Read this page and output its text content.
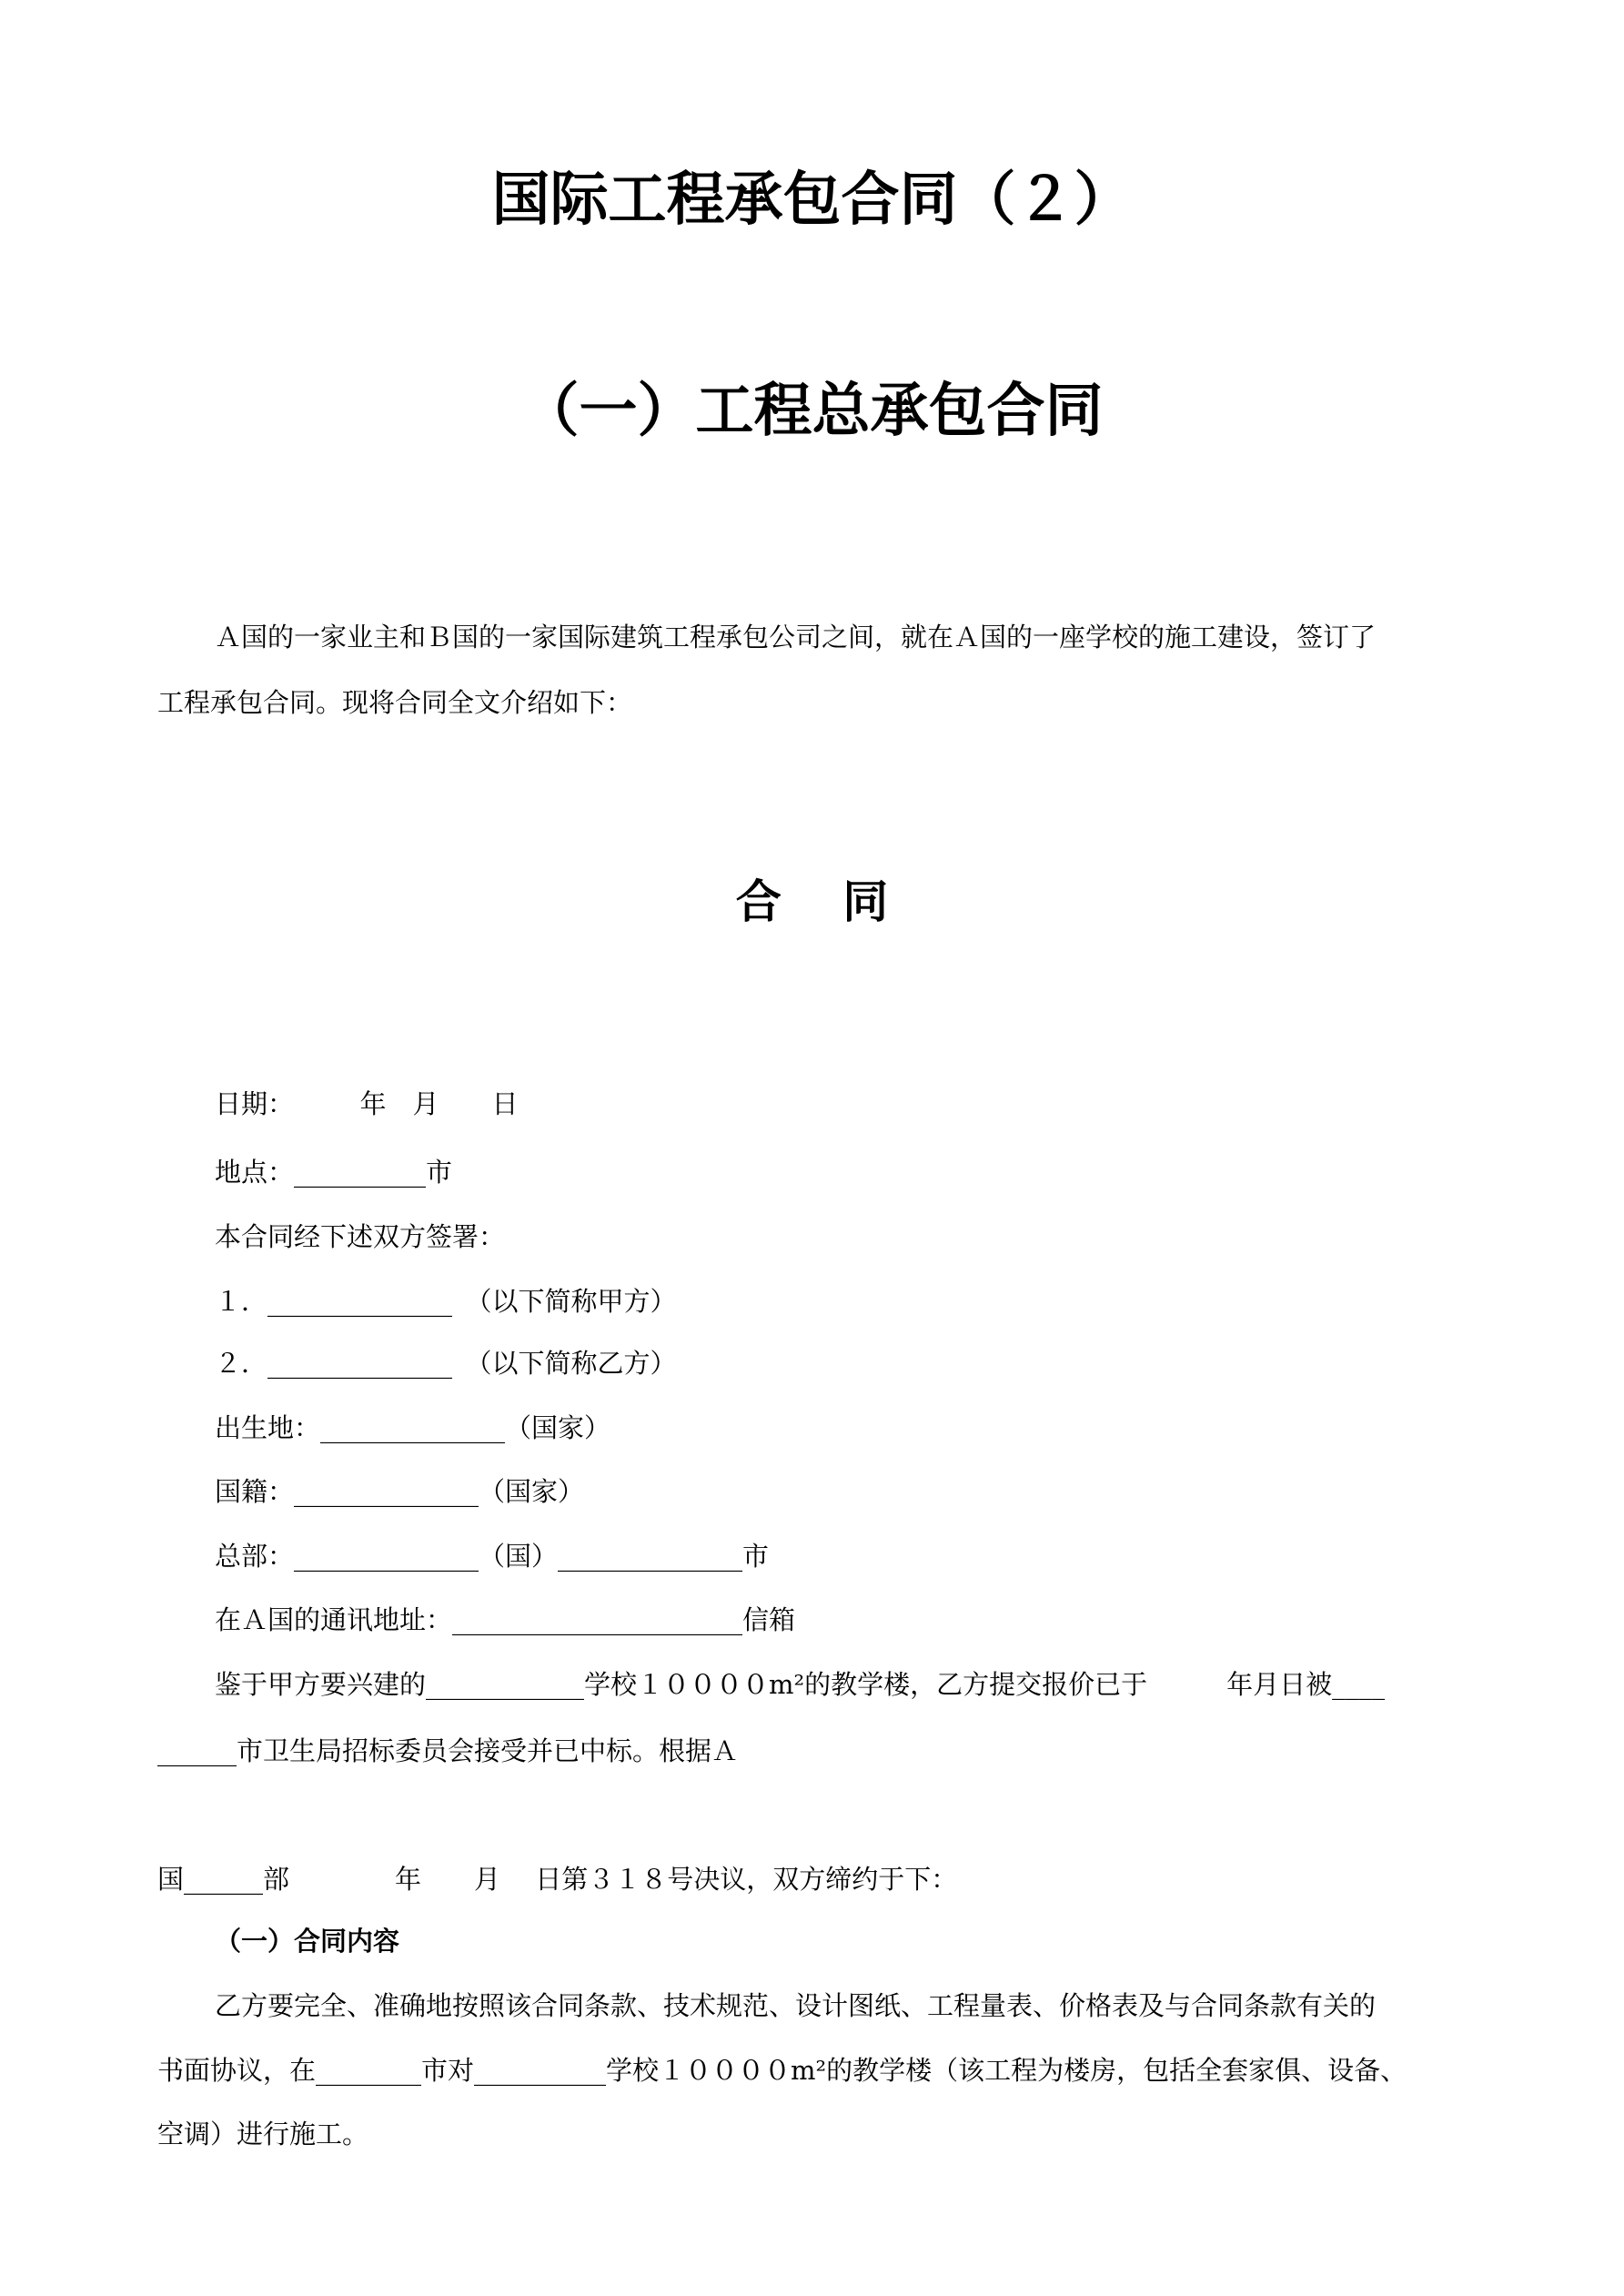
国际工程承包合同（２）
（一）工程总承包合同
Ａ国的一家业主和Ｂ国的一家国际建筑工程承包公司之间，就在Ａ国的一座学校的施工建设，签订了
工程承包合同。现将合同全文介绍如下：
合　 同
日期：　　　年　月　　日
地点：__________市
本合同经下述双方签署：
１．______________　（以下简称甲方）
２．______________　（以下简称乙方）
出生地：______________（国家）
国籍：______________（国家）
总部：______________（国）______________市
在Ａ国的通讯地址：______________________信箱
鉴于甲方要兴建的____________学校１００００m²的教学楼，乙方提交报价已于　　　年月日被____
______市卫生局招标委员会接受并已中标。根据Ａ
国______部　　　　年　　月　 日第３１８号决议，双方缔约于下：
（一）合同内容
乙方要完全、准确地按照该合同条款、技术规范、设计图纸、工程量表、价格表及与合同条款有关的
书面协议，在________市对__________学校１００００m²的教学楼（该工程为楼房，包括全套家俱、设备、
空调）进行施工。
